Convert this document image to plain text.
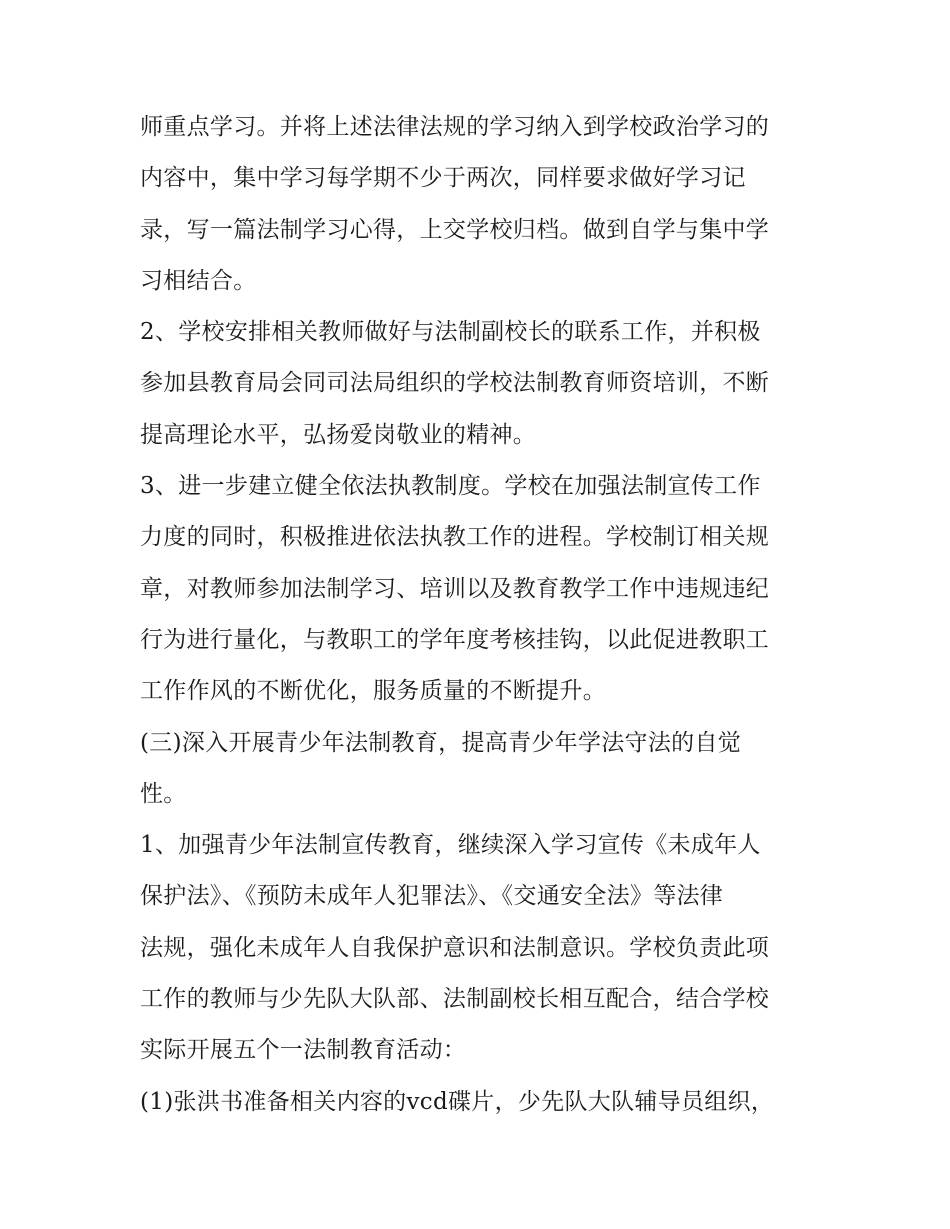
师重点学习。并将上述法律法规的学习纳入到学校政治学习的
内容中，集中学习每学期不少于两次，同样要求做好学习记
录，写一篇法制学习心得，上交学校归档。做到自学与集中学
习相结合。
2、学校安排相关教师做好与法制副校长的联系工作，并积极
参加县教育局会同司法局组织的学校法制教育师资培训，不断
提高理论水平，弘扬爱岗敬业的精神。
3、进一步建立健全依法执教制度。学校在加强法制宣传工作
力度的同时，积极推进依法执教工作的进程。学校制订相关规
章，对教师参加法制学习、培训以及教育教学工作中违规违纪
行为进行量化，与教职工的学年度考核挂钩，以此促进教职工
工作作风的不断优化，服务质量的不断提升。
(三)深入开展青少年法制教育，提高青少年学法守法的自觉
性。
1、加强青少年法制宣传教育，继续深入学习宣传《未成年人
保护法》、《预防未成年人犯罪法》、《交通安全法》等法律
法规，强化未成年人自我保护意识和法制意识。学校负责此项
工作的教师与少先队大队部、法制副校长相互配合，结合学校
实际开展五个一法制教育活动：
(1)张洪书准备相关内容的vcd碟片，少先队大队辅导员组织，
